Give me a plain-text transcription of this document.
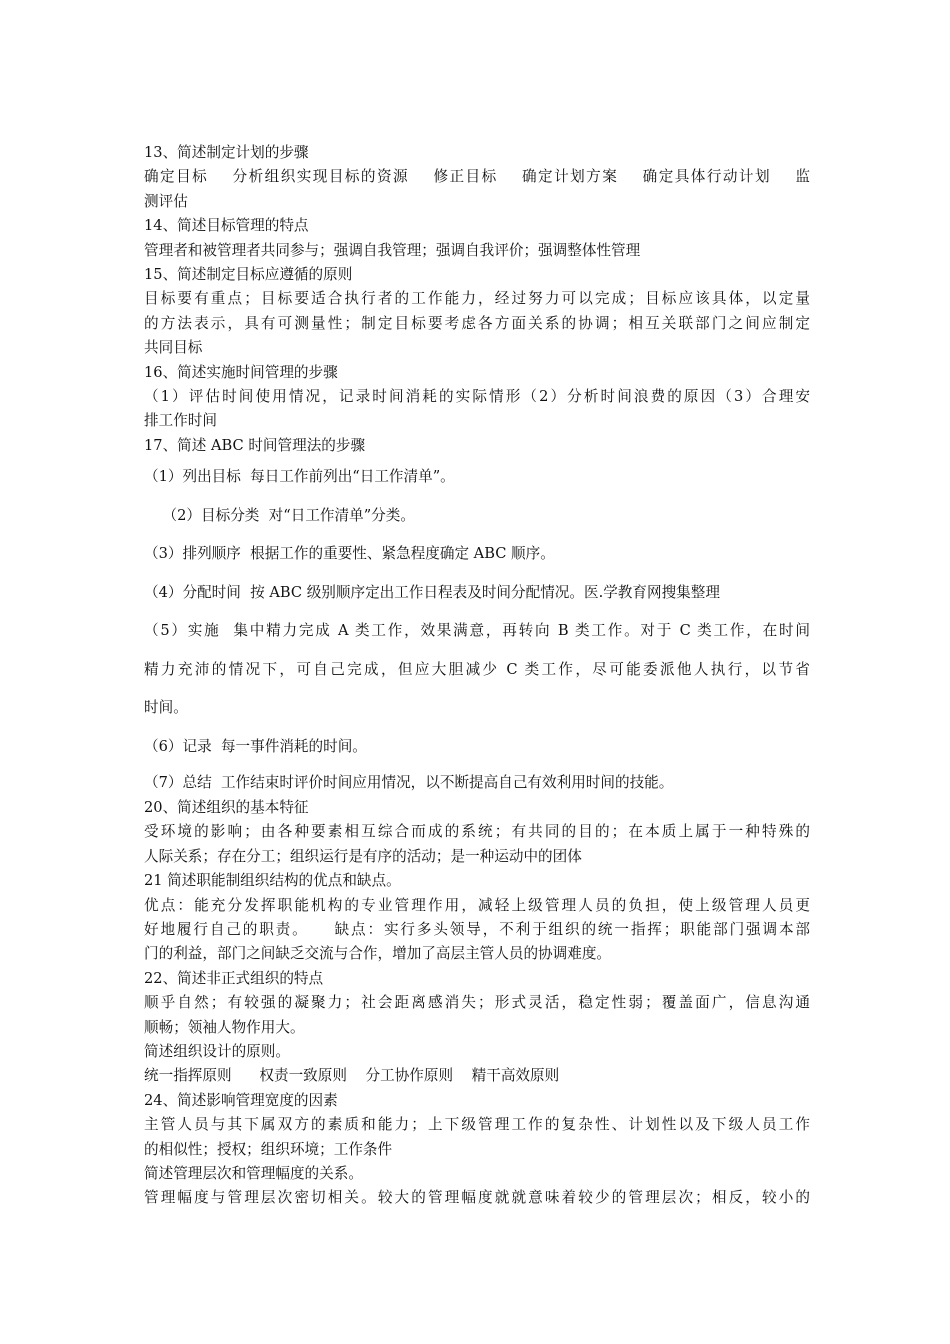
13、简述制定计划的步骤
确定目标    分析组织实现目标的资源    修正目标    确定计划方案    确定具体行动计划    监
测评估
14、简述目标管理的特点
管理者和被管理者共同参与；强调自我管理；强调自我评价；强调整体性管理
15、简述制定目标应遵循的原则
目标要有重点；目标要适合执行者的工作能力，经过努力可以完成；目标应该具体，以定量
的方法表示，具有可测量性；制定目标要考虑各方面关系的协调；相互关联部门之间应制定
共同目标
16、简述实施时间管理的步骤
（1）评估时间使用情况，记录时间消耗的实际情形（2）分析时间浪费的原因（3）合理安
排工作时间
17、简述 ABC 时间管理法的步骤
（1）列出目标  每日工作前列出“日工作清单”。
（2）目标分类  对“日工作清单”分类。
（3）排列顺序  根据工作的重要性、紧急程度确定 ABC 顺序。
（4）分配时间  按 ABC 级别顺序定出工作日程表及时间分配情况。医.学教育网搜集整理
（5）实施  集中精力完成 A 类工作，效果满意，再转向 B 类工作。对于 C 类工作，在时间
精力充沛的情况下，可自己完成，但应大胆减少 C 类工作，尽可能委派他人执行，以节省
时间。
（6）记录  每一事件消耗的时间。
（7）总结  工作结束时评价时间应用情况，以不断提高自己有效利用时间的技能。
20、简述组织的基本特征
受环境的影响；由各种要素相互综合而成的系统；有共同的目的；在本质上属于一种特殊的
人际关系；存在分工；组织运行是有序的活动；是一种运动中的团体
21 简述职能制组织结构的优点和缺点。
优点：能充分发挥职能机构的专业管理作用，减轻上级管理人员的负担，使上级管理人员更
好地履行自己的职责。    缺点：实行多头领导，不利于组织的统一指挥；职能部门强调本部
门的利益，部门之间缺乏交流与合作，增加了高层主管人员的协调难度。
22、简述非正式组织的特点
顺乎自然；有较强的凝聚力；社会距离感消失；形式灵活，稳定性弱；覆盖面广，信息沟通
顺畅；领袖人物作用大。
简述组织设计的原则。
统一指挥原则      权责一致原则    分工协作原则    精干高效原则
24、简述影响管理宽度的因素
主管人员与其下属双方的素质和能力；上下级管理工作的复杂性、计划性以及下级人员工作
的相似性；授权；组织环境；工作条件
简述管理层次和管理幅度的关系。
管理幅度与管理层次密切相关。较大的管理幅度就就意味着较少的管理层次；相反，较小的
